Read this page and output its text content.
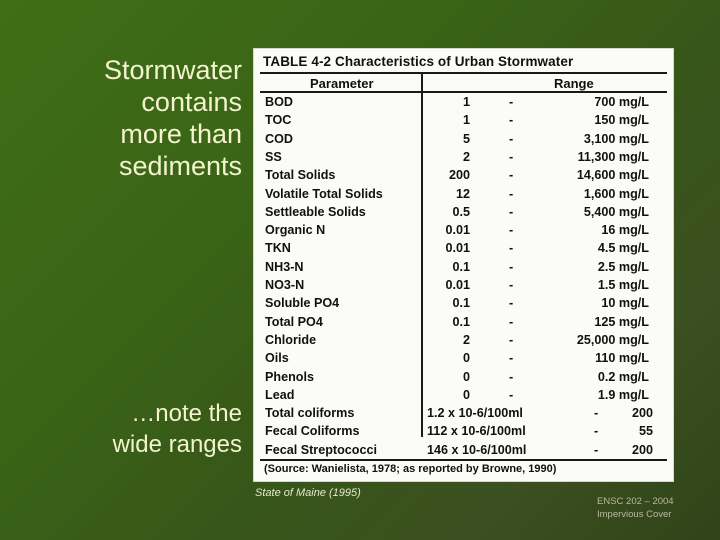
Stormwater
contains
more than
sediments
…note the
wide ranges
TABLE 4-2 Characteristics of Urban Stormwater
Parameter	Range
BOD	1	-	700 mg/L
TOC	1	-	150 mg/L
COD	5	-	3,100 mg/L
SS	2	-	11,300 mg/L
Total Solids	200	-	14,600 mg/L
Volatile Total Solids	12	-	1,600 mg/L
Settleable Solids	0.5	-	5,400 mg/L
Organic N	0.01	-	16 mg/L
TKN	0.01	-	4.5 mg/L
NH3-N	0.1	-	2.5 mg/L
NO3-N	0.01	-	1.5 mg/L
Soluble PO4	0.1	-	10 mg/L
Total PO4	0.1	-	125 mg/L
Chloride	2	-	25,000 mg/L
Oils	0	-	110 mg/L
Phenols	0	-	0.2 mg/L
Lead	0	-	1.9 mg/L
Total coliforms	1.2 x 10-6/100ml	-	200
Fecal Coliforms	112 x 10-6/100ml	-	55
Fecal Streptococci	146 x 10-6/100ml	-	200
(Source: Wanielista, 1978; as reported by Browne, 1990)
State of Maine (1995)
ENSC 202 – 2004
Impervious Cover
